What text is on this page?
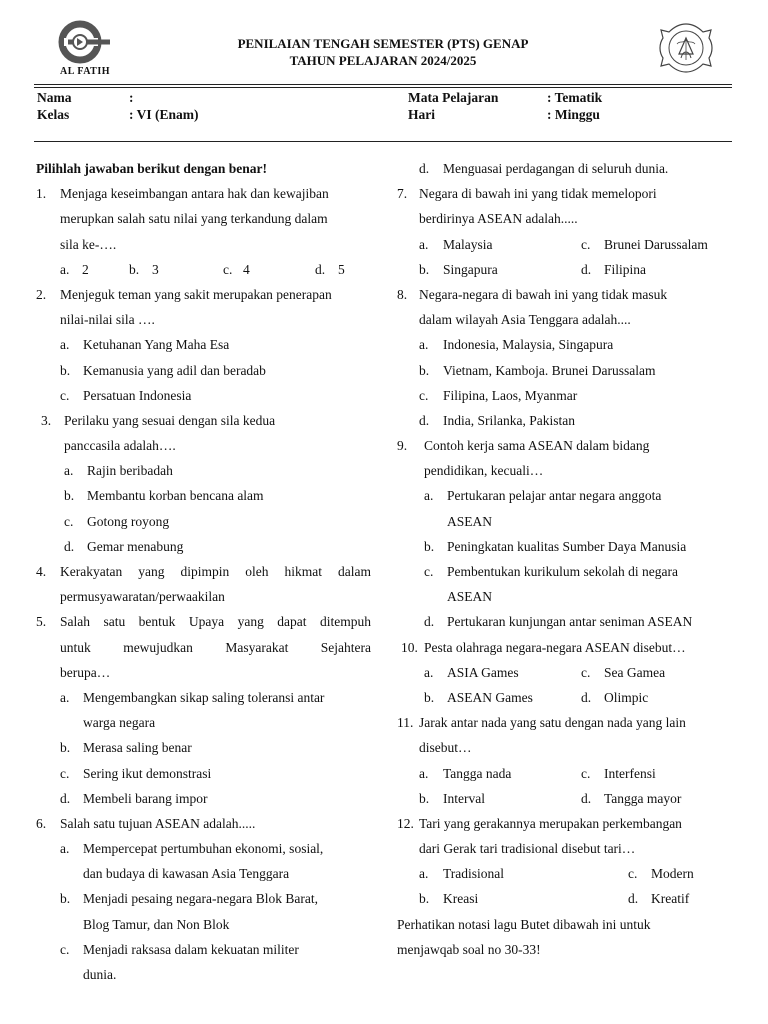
AL FATIH
PENILAIAN TENGAH SEMESTER (PTS) GENAP
TAHUN PELAJARAN 2024/2025
Nama	:
Kelas	: VI (Enam)
Mata Pelajaran	: Tematik
Hari	: Minggu
Pilihlah jawaban berikut dengan benar!
1. Menjaga keseimbangan antara hak dan kewajiban
merupkan salah satu nilai yang terkandung dalam
sila ke-….
a. 2	b. 3	c. 4	d. 5
2. Menjeguk teman yang sakit merupakan penerapan
nilai-nilai sila ….
a. Ketuhanan Yang Maha Esa
b. Kemanusia yang adil dan beradab
c. Persatuan Indonesia
3. Perilaku yang sesuai dengan sila kedua
panccasila adalah….
a. Rajin beribadah
b. Membantu korban bencana alam
c. Gotong royong
d. Gemar menabung
4. Kerakyatan yang dipimpin oleh hikmat dalam
permusyawaratan/perwaakilan
5. Salah satu bentuk Upaya yang dapat ditempuh
untuk mewujudkan Masyarakat Sejahtera
berupa…
a. Mengembangkan sikap saling toleransi antar
warga negara
b. Merasa saling benar
c. Sering ikut demonstrasi
d. Membeli barang impor
6. Salah satu tujuan ASEAN adalah.....
a. Mempercepat pertumbuhan ekonomi, sosial,
dan budaya di kawasan Asia Tenggara
b. Menjadi pesaing negara-negara Blok Barat,
Blog Tamur, dan Non Blok
c. Menjadi raksasa dalam kekuatan militer
dunia.
d. Menguasai perdagangan di seluruh dunia.
7. Negara di bawah ini yang tidak memelopori
berdirinya ASEAN adalah.....
a. Malaysia	c. Brunei Darussalam
b. Singapura	d. Filipina
8. Negara-negara di bawah ini yang tidak masuk
dalam wilayah Asia Tenggara adalah....
a. Indonesia, Malaysia, Singapura
b. Vietnam, Kamboja. Brunei Darussalam
c. Filipina, Laos, Myanmar
d. India, Srilanka, Pakistan
9. Contoh kerja sama ASEAN dalam bidang
pendidikan, kecuali…
a. Pertukaran pelajar antar negara anggota
ASEAN
b. Peningkatan kualitas Sumber Daya Manusia
c. Pembentukan kurikulum sekolah di negara
ASEAN
d. Pertukaran kunjungan antar seniman ASEAN
10. Pesta olahraga negara-negara ASEAN disebut…
a. ASIA Games	c. Sea Gamea
b. ASEAN Games	d. Olimpic
11. Jarak antar nada yang satu dengan nada yang lain
disebut…
a. Tangga nada	c. Interfensi
b. Interval	d. Tangga mayor
12. Tari yang gerakannya merupakan perkembangan
dari Gerak tari tradisional disebut tari…
a. Tradisional	c. Modern
b. Kreasi	d. Kreatif
Perhatikan notasi lagu Butet dibawah ini untuk
menjawqab soal no 30-33!
